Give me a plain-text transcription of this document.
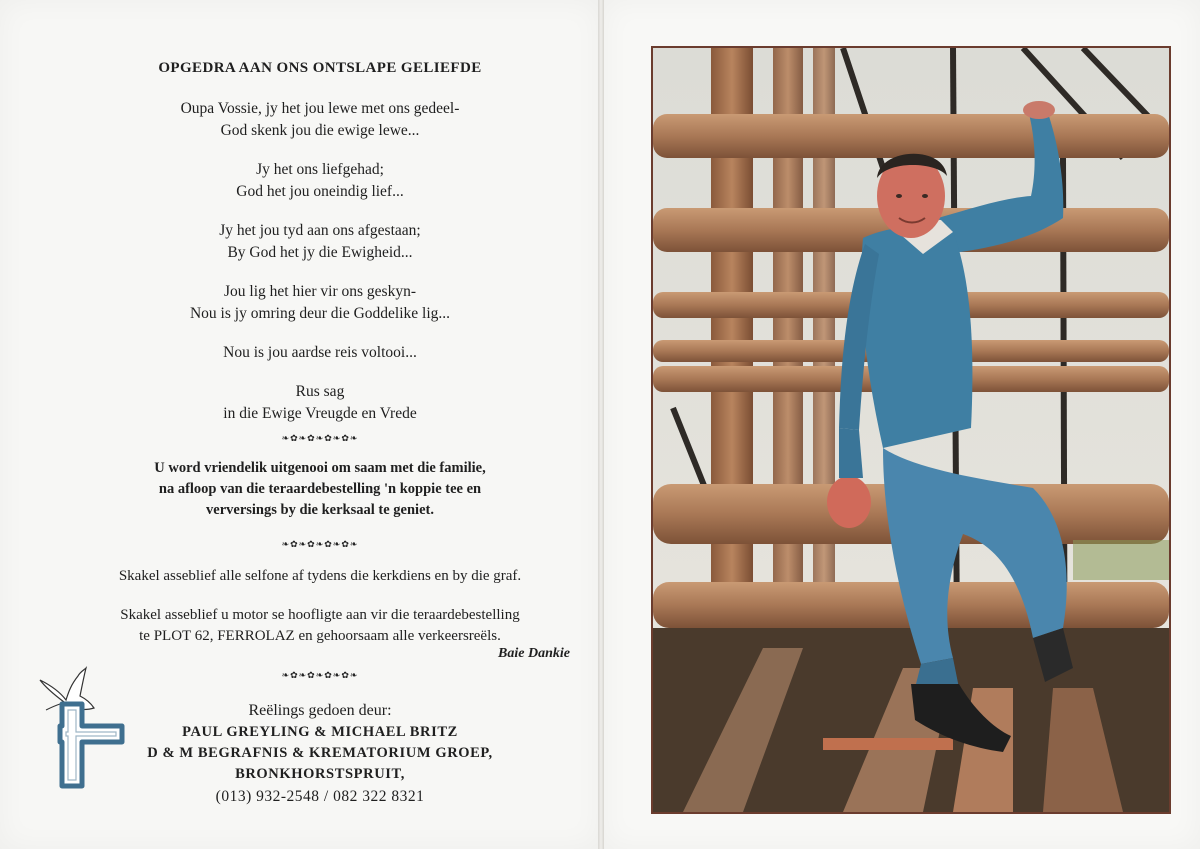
OPGEDRA AAN ONS ONTSLAPE GELIEFDE
Oupa Vossie, jy het jou lewe met ons gedeel-
God skenk jou die ewige lewe...
Jy het ons liefgehad;
God het jou oneindig lief...
Jy het jou tyd aan ons afgestaan;
By God het jy die Ewigheid...
Jou lig het hier vir ons geskyn-
Nou is jy omring deur die Goddelike lig...
Nou is jou aardse reis voltooi...
Rus sag
in die Ewige Vreugde en Vrede
❧✿❧✿❧✿❧✿❧
U word vriendelik uitgenooi om saam met die familie,
na afloop van die teraardebestelling 'n koppie tee en
verversings by die kerksaal te geniet.
❧✿❧✿❧✿❧✿❧
Skakel asseblief alle selfone af tydens die kerkdiens en by die graf.
Skakel asseblief u motor se hoofligte aan vir die teraardebestelling
te PLOT 62, FERROLAZ en gehoorsaam alle verkeersreëls.
Baie Dankie
❧✿❧✿❧✿❧✿❧
Reëlings gedoen deur:
PAUL GREYLING & MICHAEL BRITZ
D & M BEGRAFNIS & KREMATORIUM GROEP,
BRONKHORSTSPRUIT,
(013) 932-2548 / 082 322 8321
